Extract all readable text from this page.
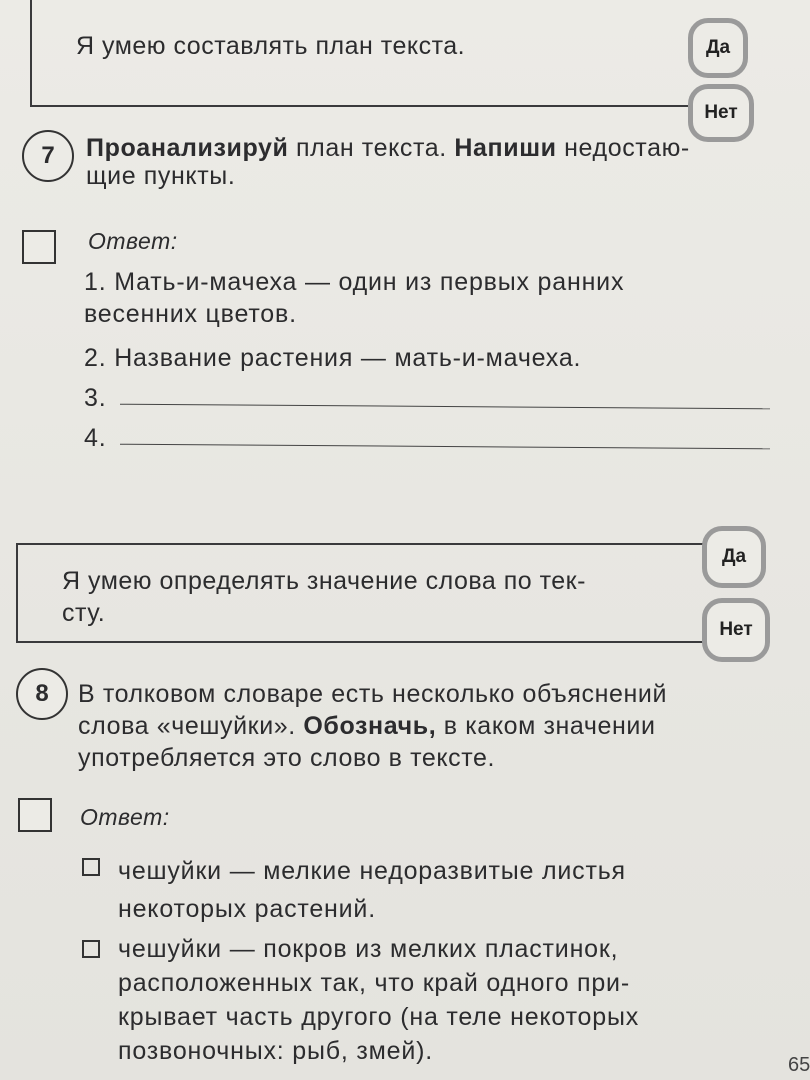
Я умею составлять план текста.	Да
Нет
7	Проанализируй план текста. Напиши недостаю-
щие пункты.
Ответ:
1. Мать-и-мачеха — один из первых ранних
весенних цветов.
2. Название растения — мать-и-мачеха.
3.
4.
Я умею определять значение слова по тек-
сту.
Да
Нет
8	В толковом словаре есть несколько объяснений
слова «чешуйки». Обозначь, в каком значении
употребляется это слово в тексте.
Ответ:
чешуйки — мелкие недоразвитые листья
некоторых растений.
чешуйки — покров из мелких пластинок,
расположенных так, что край одного при-
крывает часть другого (на теле некоторых
позвоночных: рыб, змей).	65
